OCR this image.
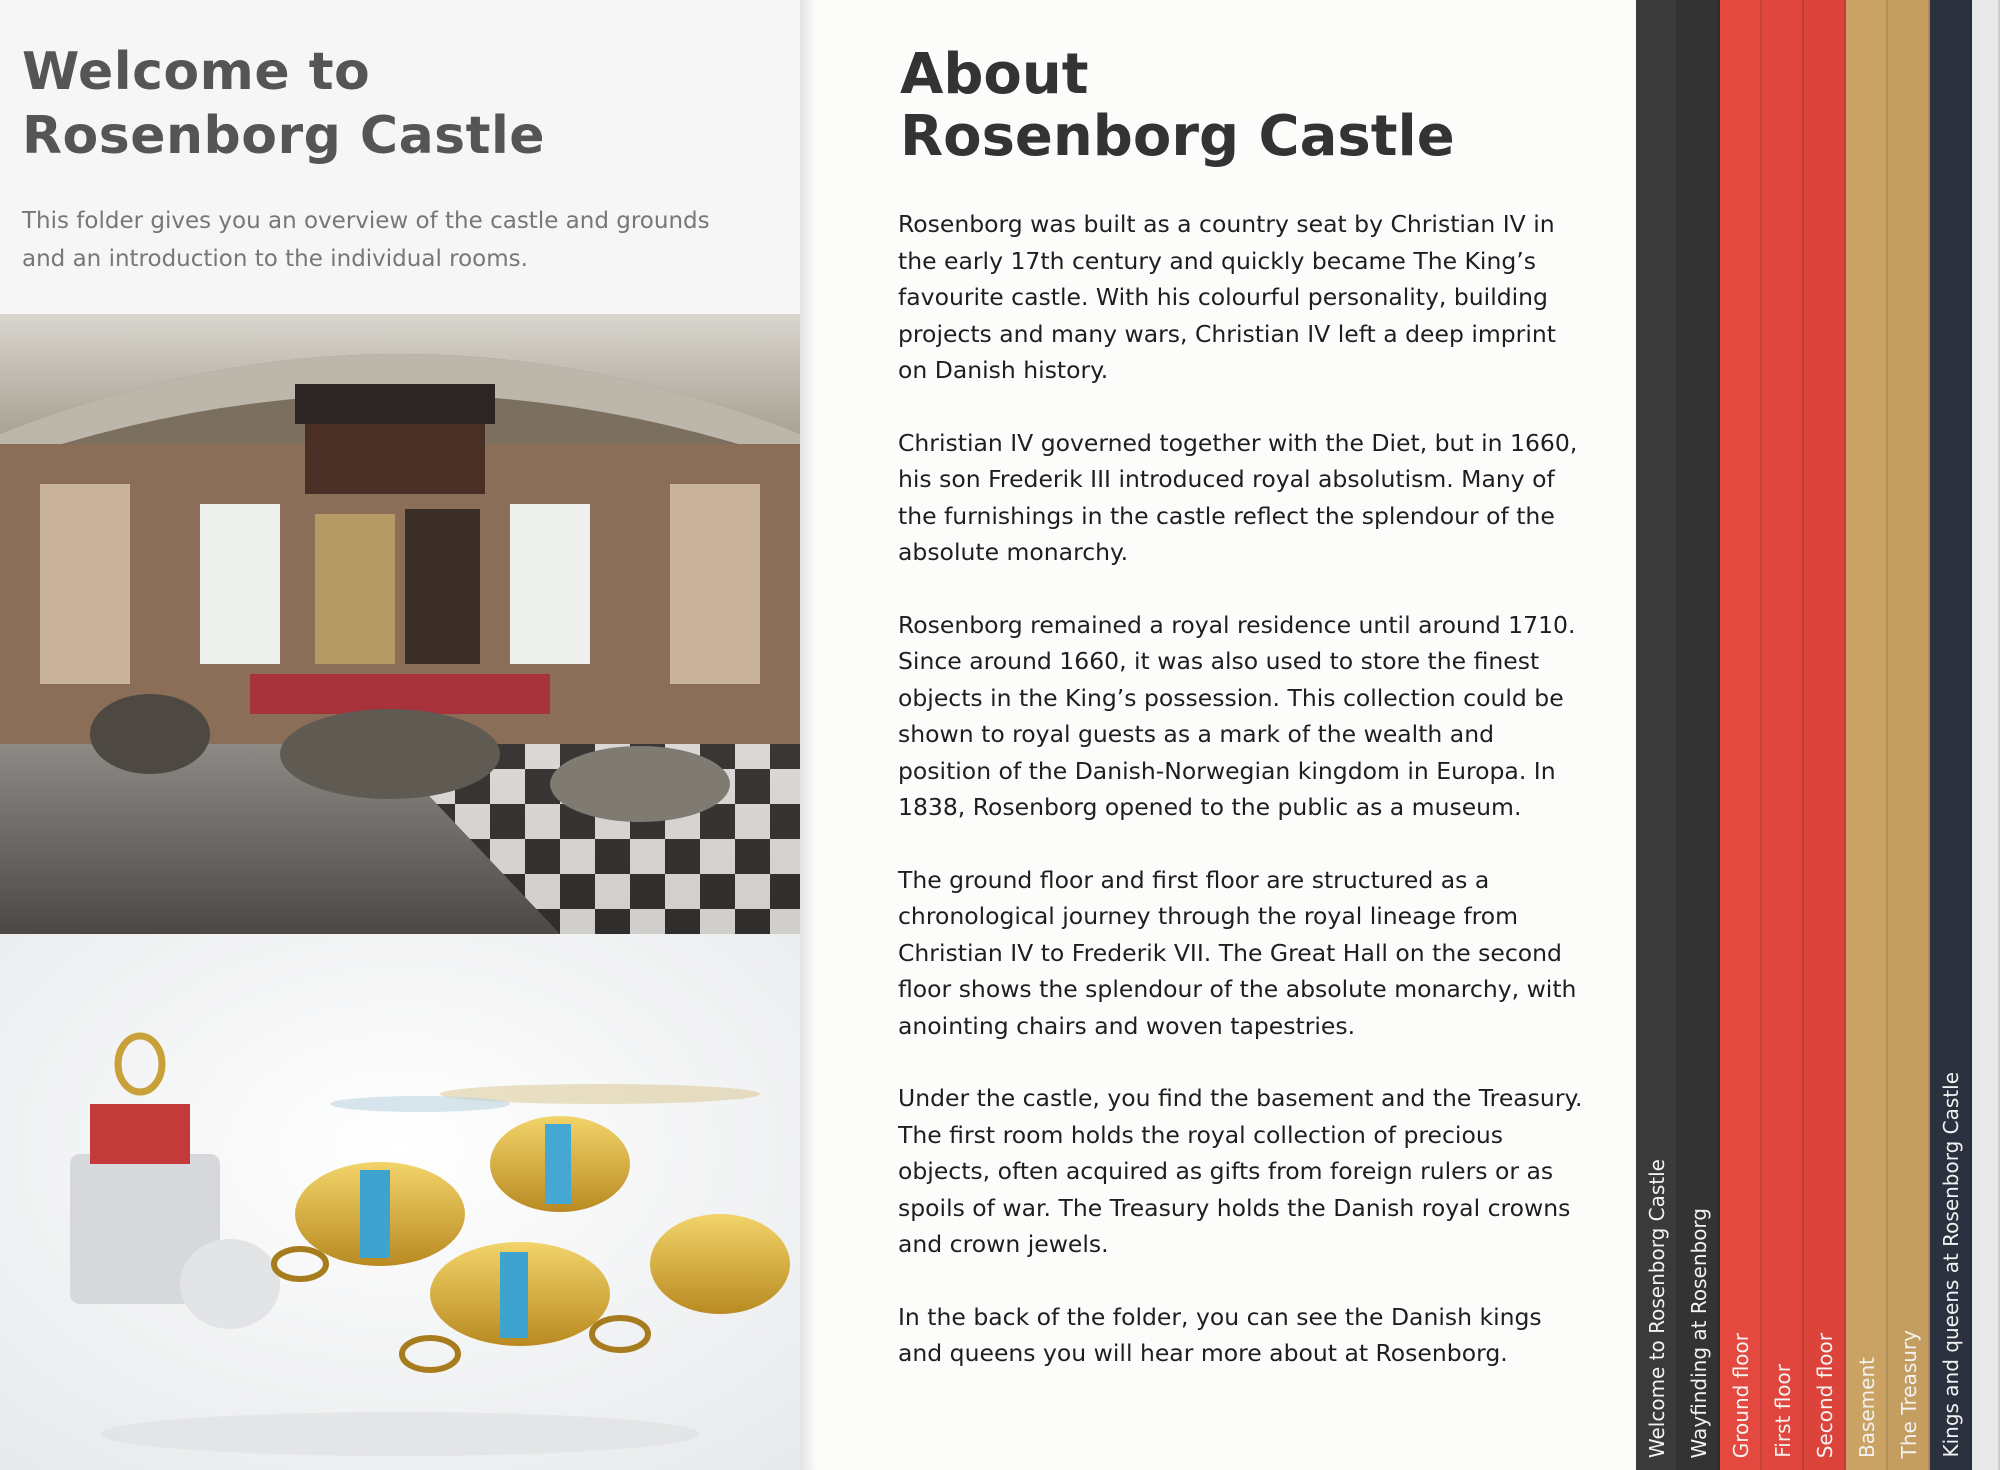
Welcome to
Rosenborg Castle

This folder gives you an overview of the castle and grounds
and an introduction to the individual rooms.

About
Rosenborg Castle

Rosenborg was built as a country seat by Christian IV in the early 17th century and quickly became The King’s favourite castle. With his colourful personality, building projects and many wars, Christian IV left a deep imprint on Danish history.

Christian IV governed together with the Diet, but in 1660, his son Frederik III introduced royal absolutism. Many of the furnishings in the castle reflect the splendour of the absolute monarchy.

Rosenborg remained a royal residence until around 1710. Since around 1660, it was also used to store the finest objects in the King’s possession. This collection could be shown to royal guests as a mark of the wealth and position of the Danish-Norwegian kingdom in Europa. In 1838, Rosenborg opened to the public as a museum.

The ground floor and first floor are structured as a chronological journey through the royal lineage from Christian IV to Frederik VII. The Great Hall on the second floor shows the splendour of the absolute monarchy, with anointing chairs and woven tapestries.

Under the castle, you find the basement and the Treasury. The first room holds the royal collection of precious objects, often acquired as gifts from foreign rulers or as spoils of war. The Treasury holds the Danish royal crowns and crown jewels.

In the back of the folder, you can see the Danish kings and queens you will hear more about at Rosenborg.	Welcome to Rosenborg Castle Wayfinding at Rosenborg Ground floor First floor Second floor Basement The Treasury Kings and queens at Rosenborg Castle
